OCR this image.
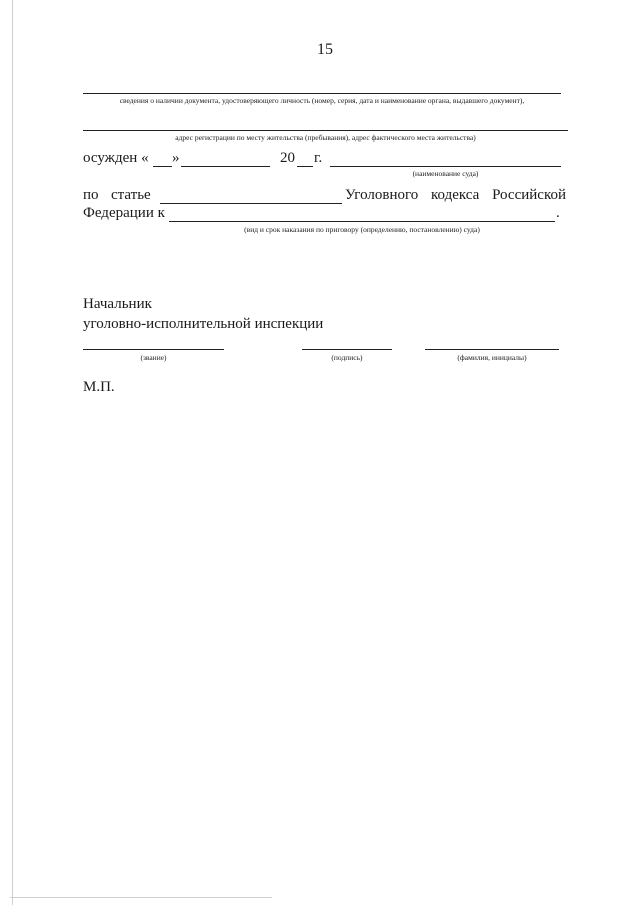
15
сведения о наличии документа, удостоверяющего личность (номер, серия, дата и наименование органа, выдавшего документ),
адрес регистрации по месту жительства (пребывания), адрес фактического места жительства)
осужден « »	20 г.
(наименование суда)
по статье	Уголовного кодекса Российской
Федерации к	.
(вид и срок наказания по приговору (определению, постановлению) суда)
Начальник
уголовно-исполнительной инспекции
(звание)	(подпись)	(фамилия, инициалы)
М.П.
